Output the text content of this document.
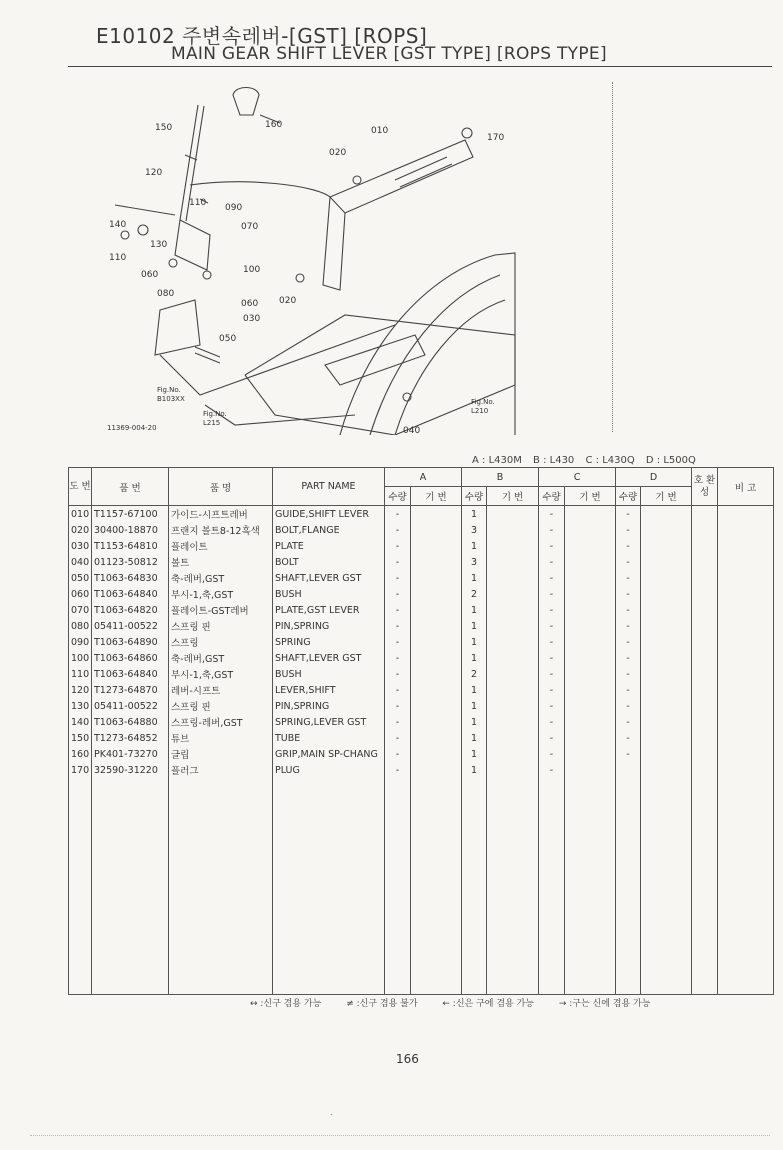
E10102 주변속레버-[GST] [ROPS]
MAIN GEAR SHIFT LEVER [GST TYPE] [ROPS TYPE]
150	160
120
110 090
140	070
130
110
060	100
080
060
030
050
010
020
170
020
040
Fig.No.
B103XX
Fig.No.
L215
Fig.No.
L210
11369-004-20
A : L430M B : L430 C : L430Q D : L500Q
도 번	품 번	품 명	PART NAME	A		B		C		D		호 환 성	비 고
				수량	기 번	수량	기 번	수량	기 번	수량	기 번		
010	T1157-67100	가이드-시프트레버	GUIDE,SHIFT LEVER	-		1		-		-			
020	30400-18870	프랜지 볼트8-12흑색	BOLT,FLANGE	-		3		-		-			
030	T1153-64810	플레이트	PLATE	-		1		-		-			
040	01123-50812	볼트	BOLT	-		3		-		-			
050	T1063-64830	축-레버,GST	SHAFT,LEVER GST	-		1		-		-			
060	T1063-64840	부시-1,축,GST	BUSH	-		2		-		-			
070	T1063-64820	플레이트-GST레버	PLATE,GST LEVER	-		1		-		-			
080	05411-00522	스프링 핀	PIN,SPRING	-		1		-		-			
090	T1063-64890	스프링	SPRING	-		1		-		-			
100	T1063-64860	축-레버,GST	SHAFT,LEVER GST	-		1		-		-			
110	T1063-64840	부시-1,축,GST	BUSH	-		2		-		-			
120	T1273-64870	레버-시프트	LEVER,SHIFT	-		1		-		-			
130	05411-00522	스프링 핀	PIN,SPRING	-		1		-		-			
140	T1063-64880	스프링-레버,GST	SPRING,LEVER GST	-		1		-		-			
150	T1273-64852	튜브	TUBE	-		1		-		-			
160	PK401-73270	글립	GRIP,MAIN SP-CHANG	-		1		-		-			
170	32590-31220	플러그	PLUG	-		1		-					

↔ :신구 겸용 가능	≠ :신구 겸용 불가	← :신은 구에 겸용 가능	→ :구는 신에 겸용 가능
166
.
